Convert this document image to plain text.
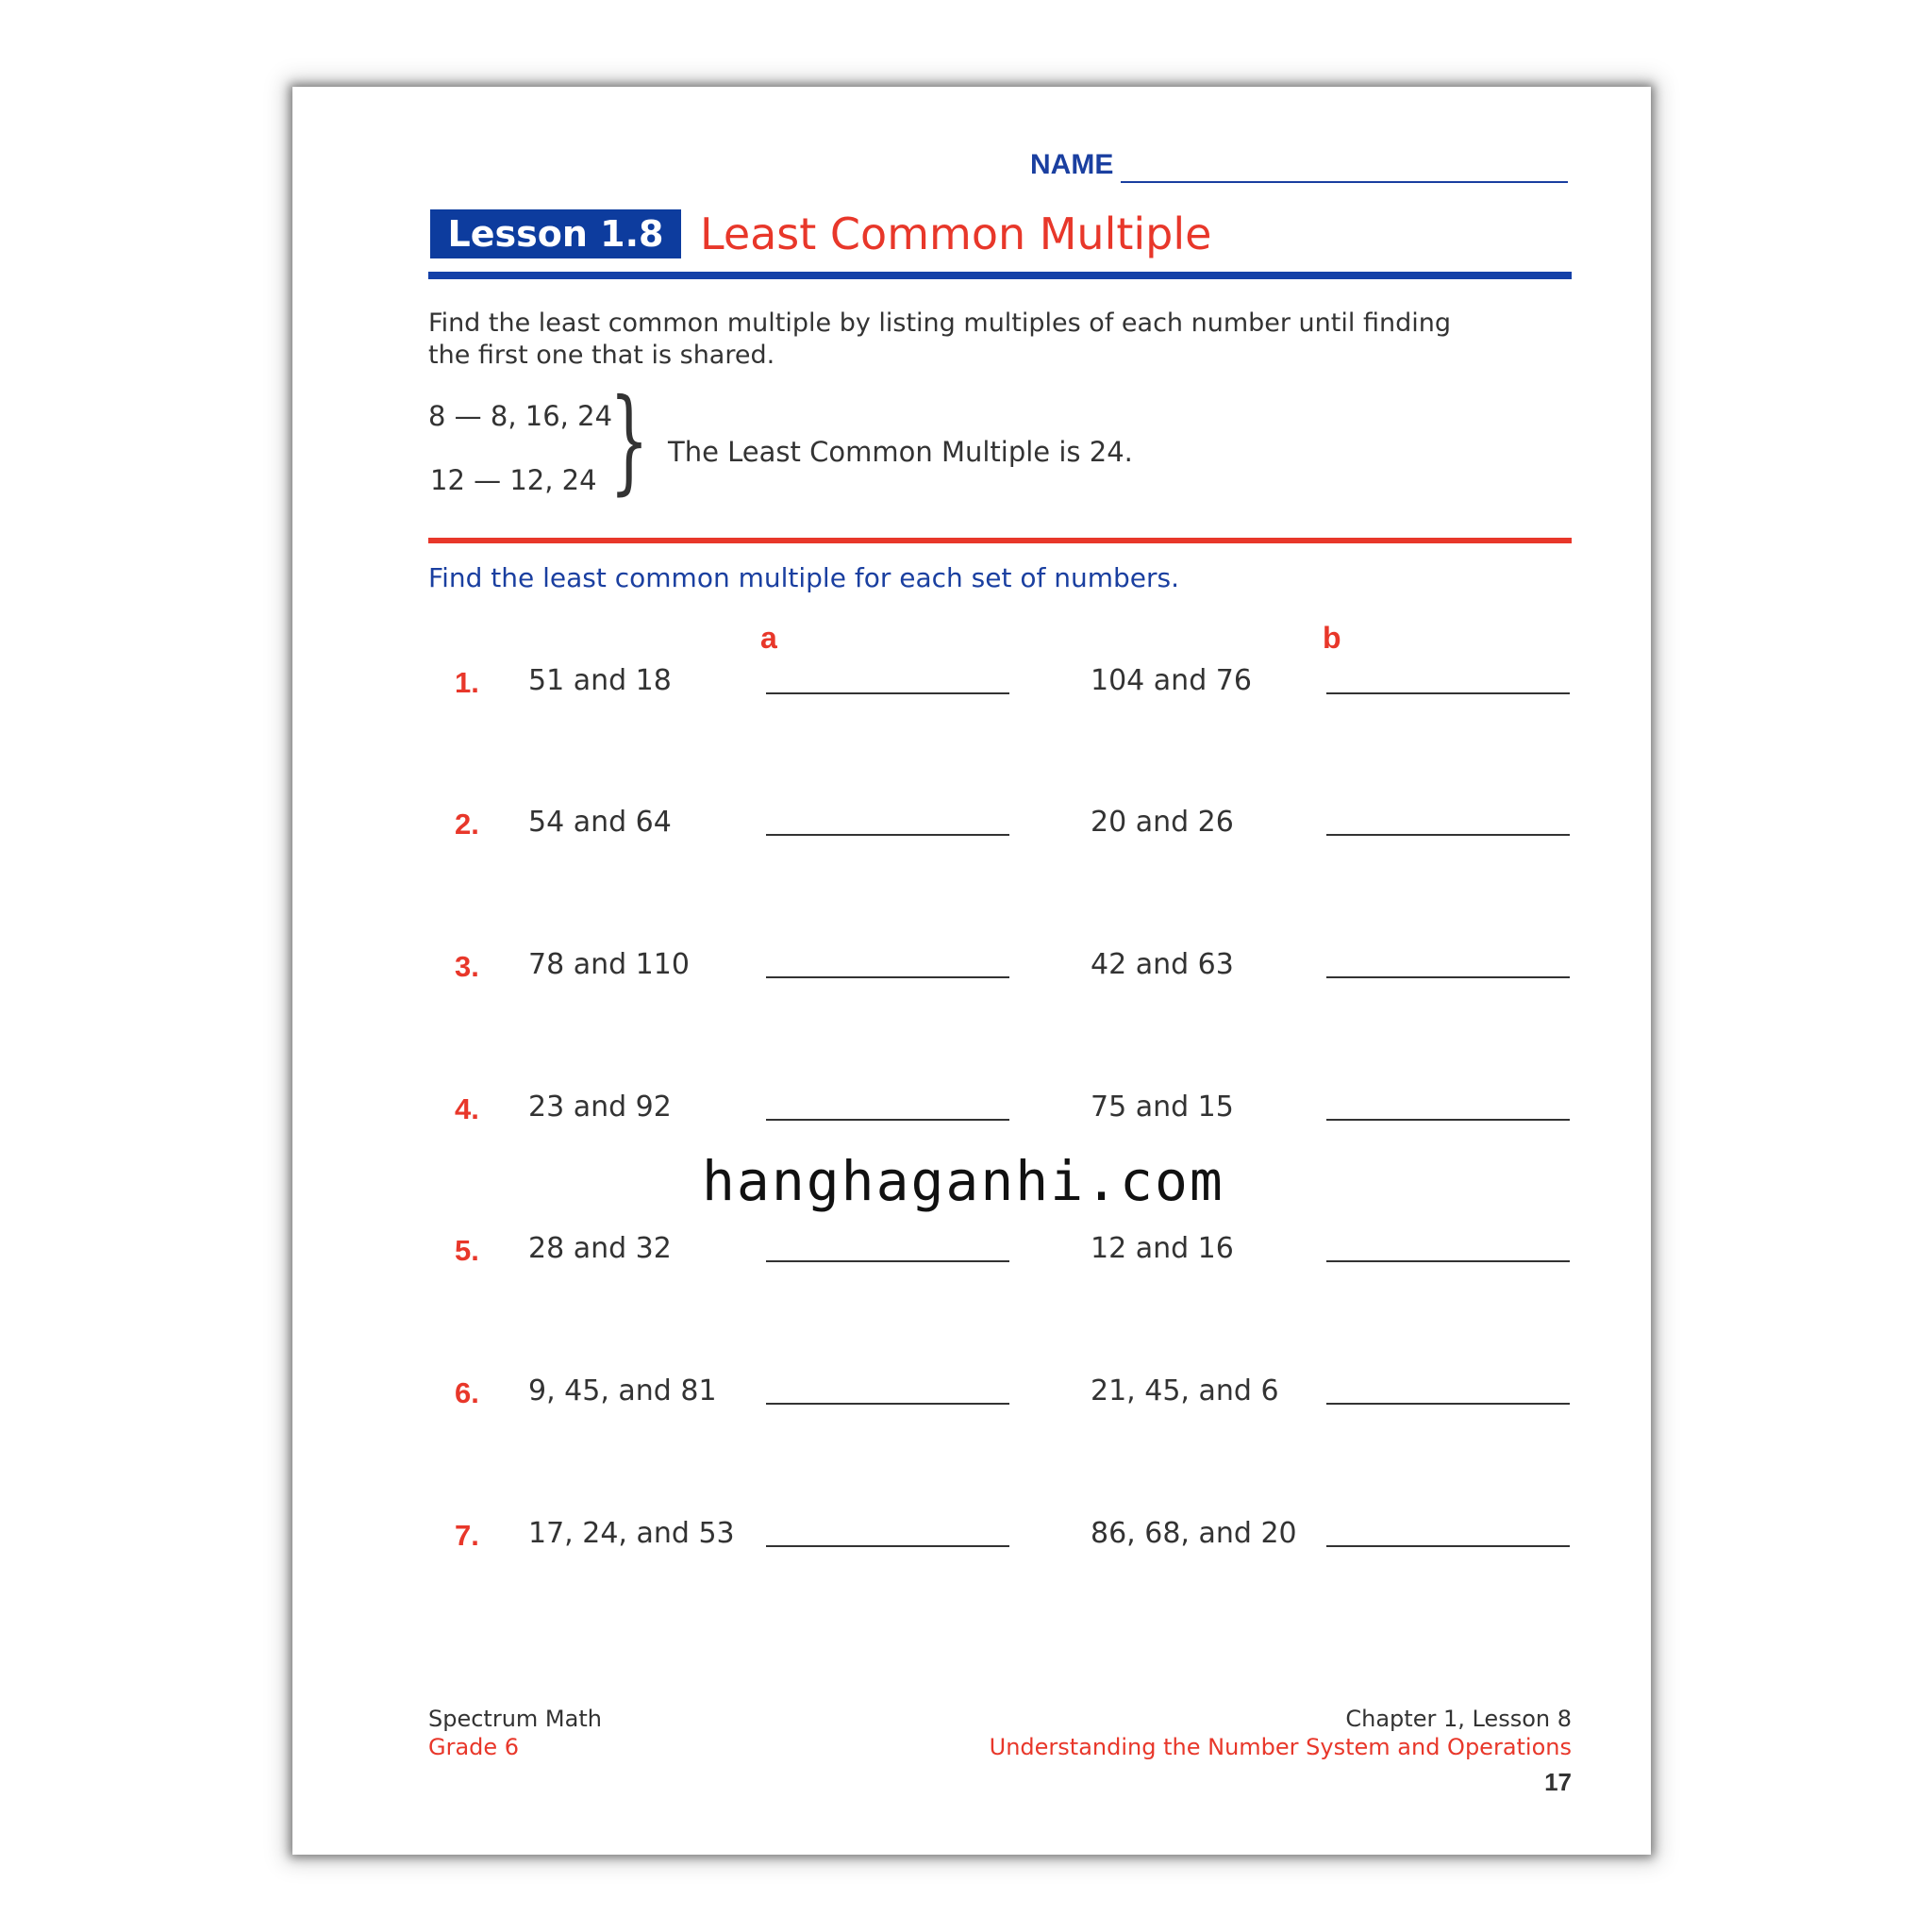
NAME
Lesson 1.8 Least Common Multiple
Find the least common multiple by listing multiples of each number until finding the first one that is shared.
8 — 8, 16, 24
12 — 12, 24 } The Least Common Multiple is 24.
Find the least common multiple for each set of numbers.
a	b
1. 51 and 18	104 and 76
2. 54 and 64	20 and 26
3. 78 and 110	42 and 63
4. 23 and 92	75 and 15
hanghaganhi.com
5. 28 and 32	12 and 16
6. 9, 45, and 81	21, 45, and 6
7. 17, 24, and 53	86, 68, and 20
Spectrum Math
Grade 6
Chapter 1, Lesson 8
Understanding the Number System and Operations
17
